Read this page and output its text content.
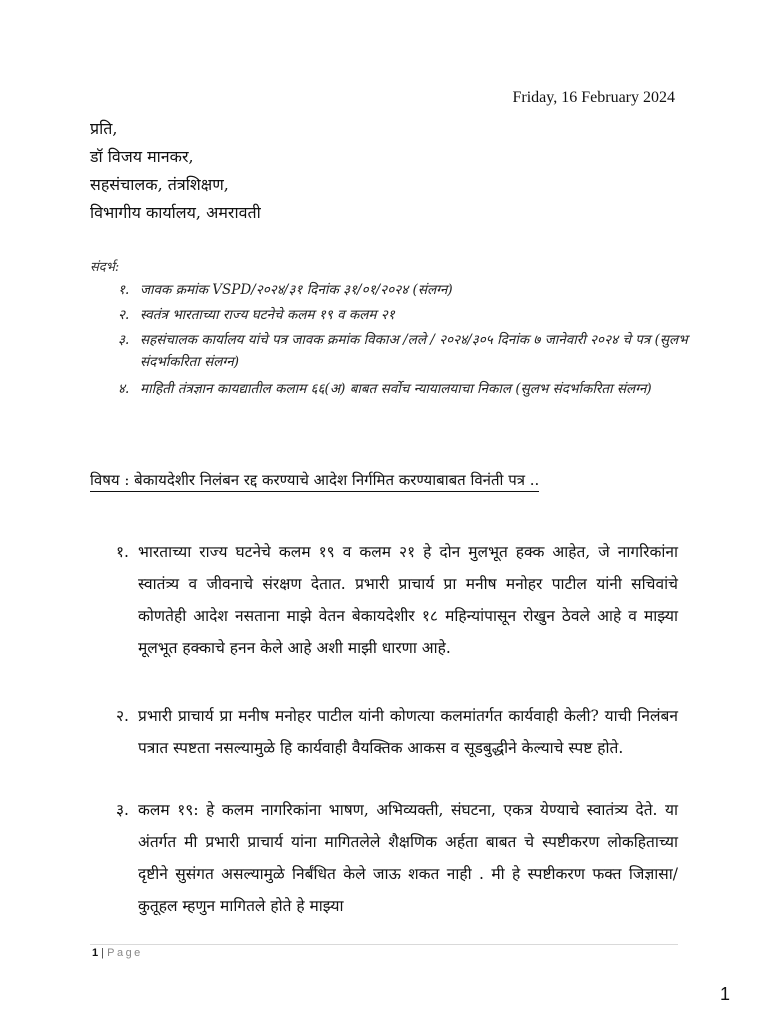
Friday, 16 February 2024
प्रति,
डॉ विजय मानकर,
सहसंचालक, तंत्रशिक्षण,
विभागीय कार्यालय, अमरावती
संदर्भ:
१. जावक क्रमांक VSPD/२०२४/३१ दिनांक ३१/०१/२०२४ (संलग्न)
२. स्वतंत्र भारताच्या राज्य घटनेचे कलम १९ व कलम २१
३. सहसंचालक कार्यालय यांचे पत्र जावक क्रमांक विकाअ /लले / २०२४/३०५ दिनांक ७ जानेवारी २०२४ चे पत्र (सुलभ संदर्भाकरिता संलग्न)
४. माहिती तंत्रज्ञान कायद्यातील कलाम ६६(अ) बाबत सर्वोच न्यायालयाचा निकाल (सुलभ संदर्भाकरिता संलग्न)
विषय : बेकायदेशीर निलंबन रद्द करण्याचे आदेश निर्गमित करण्याबाबत विनंती पत्र ..
१. भारताच्या राज्य घटनेचे कलम १९ व कलम २१ हे दोन मुलभूत हक्क आहेत, जे नागरिकांना स्वातंत्र्य व जीवनाचे संरक्षण देतात. प्रभारी प्राचार्य प्रा मनीष मनोहर पाटील यांनी सचिवांचे कोणतेही आदेश नसताना माझे वेतन बेकायदेशीर १८ महिन्यांपासून रोखुन ठेवले आहे व माझ्या मूलभूत हक्काचे हनन केले आहे अशी माझी धारणा आहे.
२. प्रभारी प्राचार्य प्रा मनीष मनोहर पाटील यांनी कोणत्या कलमांतर्गत कार्यवाही केली? याची निलंबन पत्रात स्पष्टता नसल्यामुळे हि कार्यवाही वैयक्तिक आकस व सूडबुद्धीने केल्याचे स्पष्ट होते.
३. कलम १९: हे कलम नागरिकांना भाषण, अभिव्यक्ती, संघटना, एकत्र येण्याचे स्वातंत्र्य देते. या अंतर्गत मी प्रभारी प्राचार्य यांना मागितलेले शैक्षणिक अर्हता बाबत चे स्पष्टीकरण लोकहिताच्या दृष्टीने सुसंगत असल्यामुळे निर्बंधित केले जाऊ शकत नाही . मी हे स्पष्टीकरण फक्त जिज्ञासा/कुतूहल म्हणुन मागितले होते हे माझ्या
1 | Page
1
